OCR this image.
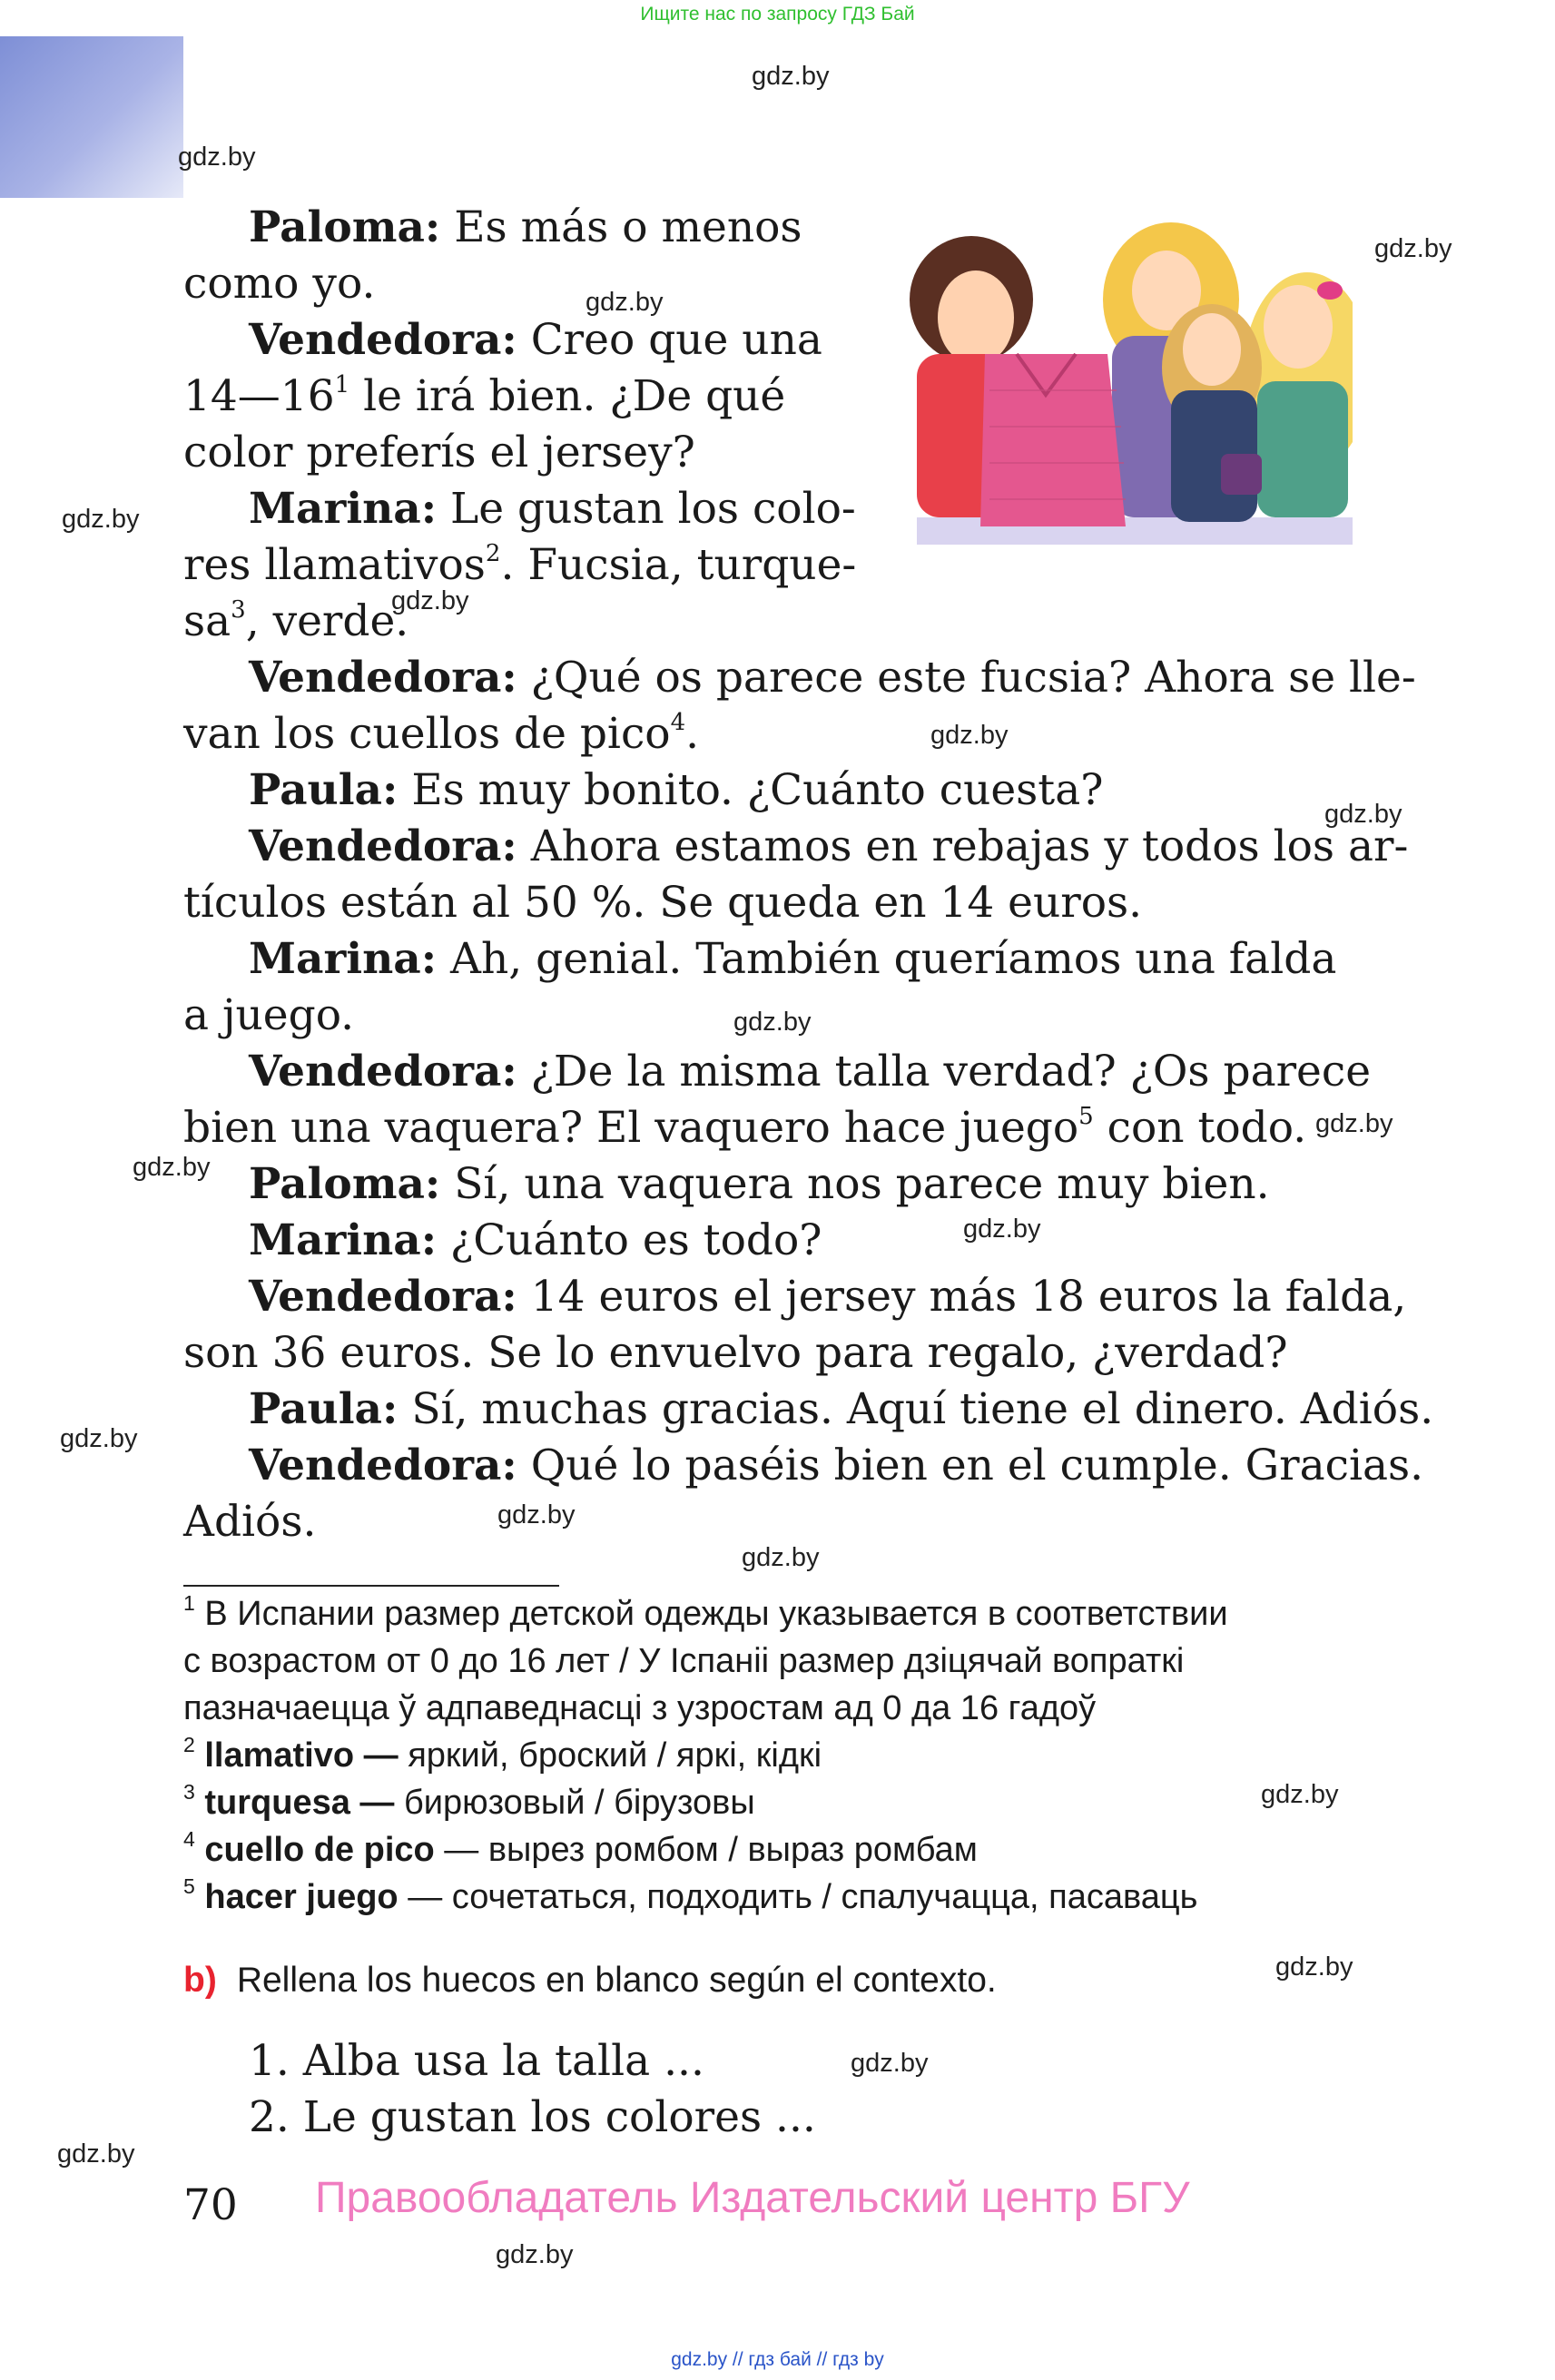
Ищите нас по запросу ГДЗ Бай
gdz.by
gdz.by
gdz.by
gdz.by
gdz.by
gdz.by
gdz.by
gdz.by
gdz.by
gdz.by
gdz.by
gdz.by
gdz.by
gdz.by
gdz.by
gdz.by
gdz.by
gdz.by
gdz.by
gdz.by
Paloma: Es más o menos
como yo.
Vendedora: Creo que una
$14—16^1$ le irá bien. ¿De qué
color preferís el jersey?
Marina: Le gustan los colo-
res llamativos$^2$. Fucsia, turque-
$sa^3$, verde.
Vendedora: ¿Qué os parece este fucsia? Ahora se lle-
van los cuellos de pico$^4$.
Paula: Es muy bonito. ¿Cuánto cuesta?
Vendedora: Ahora estamos en rebajas y todos los ar-
tículos están al 50 %. Se queda en 14 euros.
Marina: Ah, genial. También queríamos una falda
a juego.
Vendedora: ¿De la misma talla verdad? ¿Os parece
bien una vaquera? El vaquero hace juego$^5$ con todo.
Paloma: Sí, una vaquera nos parece muy bien.
Marina: ¿Cuánto es todo?
Vendedora: 14 euros el jersey más 18 euros la falda,
son 36 euros. Se lo envuelvo para regalo, ¿verdad?
Paula: Sí, muchas gracias. Aquí tiene el dinero. Adiós.
Vendedora: Qué lo paséis bien en el cumple. Gracias.
Adiós.
$^1$ В Испании размер детской одежды указывается в соответствии
с возрастом от 0 до 16 лет / У Іспаніі размер дзіцячай вопраткі
пазначаецца ў адпаведнасці з узростам ад 0 да 16 гадоў
$^2$ llamativo — яркий, броский / яркі, кідкі
$^3$ turquesa — бирюзовый / бірузовы
$^4$ cuello de pico — вырез ромбом / выраз ромбам
$^5$ hacer juego — сочетаться, подходить / спалучацца, пасаваць
b) Rellena los huecos en blanco según el contexto.
1. Alba usa la talla ...
2. Le gustan los colores ...
70 Правообладатель Издательский центр БГУ
gdz.by // гдз бай // гдз by
